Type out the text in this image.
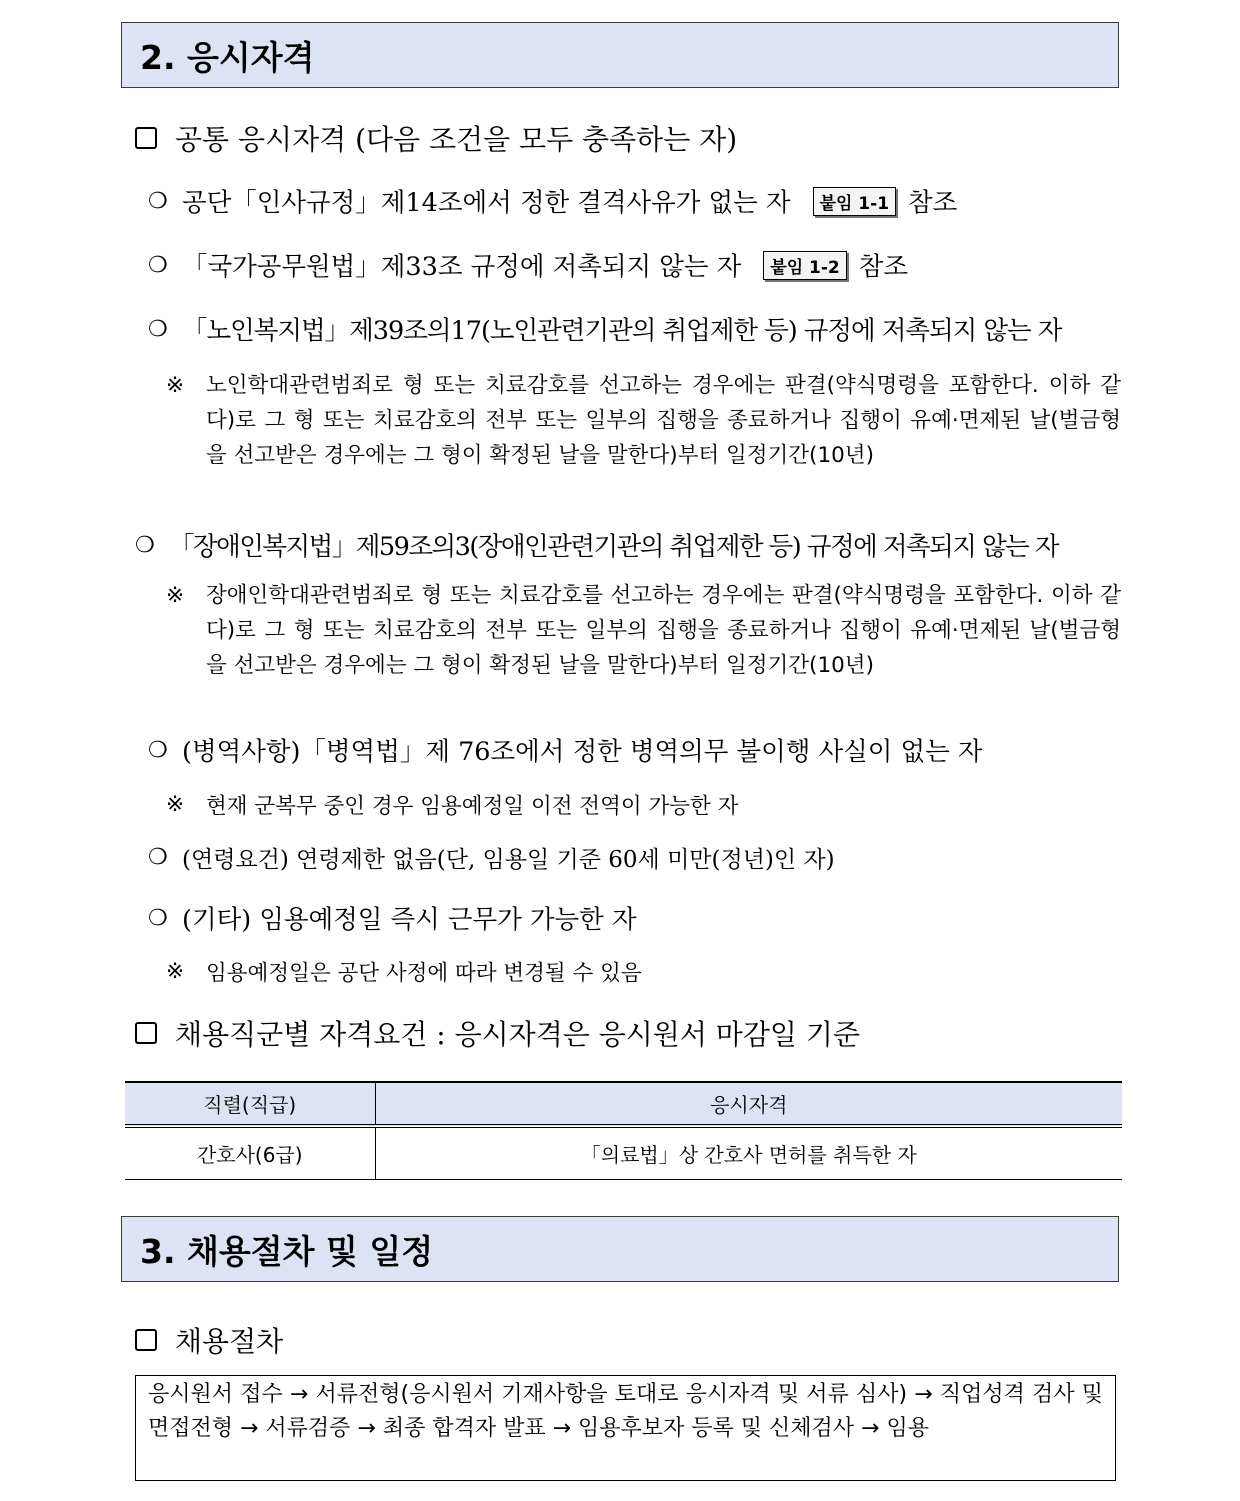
2. 응시자격
공통 응시자격 (다음 조건을 모두 충족하는 자)
❍ 공단「인사규정」제14조에서 정한 결격사유가 없는 자	붙임 1-1 참조
❍ 「국가공무원법」제33조 규정에 저촉되지 않는 자	붙임 1-2 참조
❍ 「노인복지법」제39조의17(노인관련기관의 취업제한 등) 규정에 저촉되지 않는 자
※	노인학대관련범죄로 형 또는 치료감호를 선고하는 경우에는 판결(약식명령을 포함한다. 이하 같다)로 그 형 또는 치료감호의 전부 또는 일부의 집행을 종료하거나 집행이 유예·면제된 날(벌금형을 선고받은 경우에는 그 형이 확정된 날을 말한다)부터 일정기간(10년)
❍ 「장애인복지법」제59조의3(장애인관련기관의 취업제한 등) 규정에 저촉되지 않는 자
※	장애인학대관련범죄로 형 또는 치료감호를 선고하는 경우에는 판결(약식명령을 포함한다. 이하 같다)로 그 형 또는 치료감호의 전부 또는 일부의 집행을 종료하거나 집행이 유예·면제된 날(벌금형을 선고받은 경우에는 그 형이 확정된 날을 말한다)부터 일정기간(10년)
❍ (병역사항)「병역법」제 76조에서 정한 병역의무 불이행 사실이 없는 자
※	현재 군복무 중인 경우 임용예정일 이전 전역이 가능한 자
❍ (연령요건) 연령제한 없음(단, 임용일 기준 60세 미만(정년)인 자)
❍ (기타) 임용예정일 즉시 근무가 가능한 자
※	임용예정일은 공단 사정에 따라 변경될 수 있음
채용직군별 자격요건 : 응시자격은 응시원서 마감일 기준
직렬(직급)	응시자격
간호사(6급)	「의료법」상 간호사 면허를 취득한 자
3. 채용절차 및 일정
채용절차
응시원서 접수 → 서류전형(응시원서 기재사항을 토대로 응시자격 및 서류 심사) → 직업성격 검사 및 면접전형 → 서류검증 → 최종 합격자 발표 → 임용후보자 등록 및 신체검사 → 임용
